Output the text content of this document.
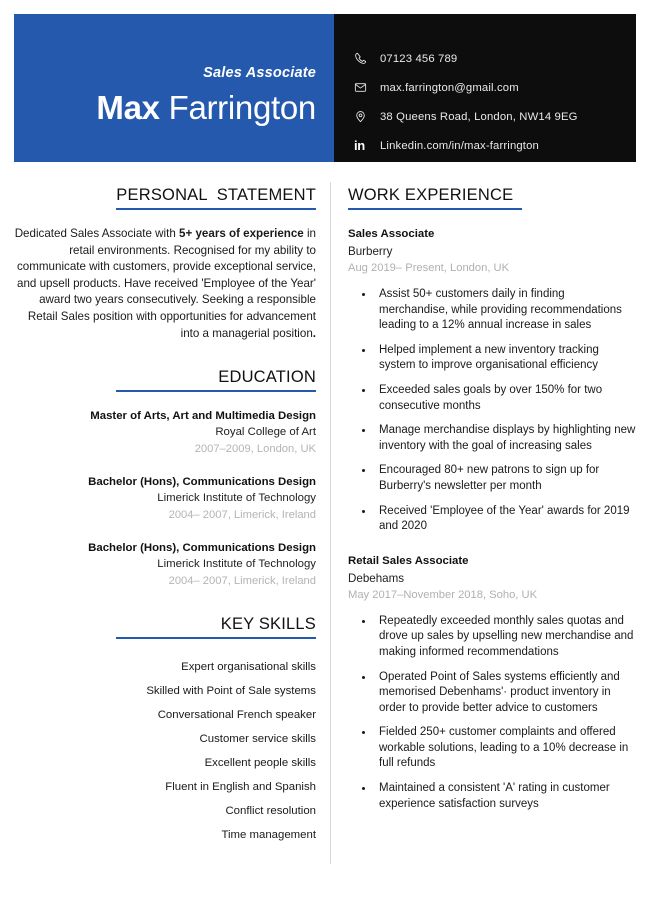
Sales Associate
Max Farrington
07123 456 789
max.farrington@gmail.com
38 Queens Road, London, NW14 9EG
in Linkedin.com/in/max-farrington
PERSONAL  STATEMENT

Dedicated Sales Associate with 5+ years of experience in retail environments. Recognised for my ability to communicate with customers, provide exceptional service, and upsell products. Have received 'Employee of the Year' award two years consecutively. Seeking a responsible Retail Sales position with opportunities for advancement into a managerial position.

EDUCATION
Master of Arts, Art and Multimedia Design
Royal College of Art
2007–2009, London, UK
Bachelor (Hons), Communications Design
Limerick Institute of Technology
2004– 2007, Limerick, Ireland
Bachelor (Hons), Communications Design
Limerick Institute of Technology
2004– 2007, Limerick, Ireland
KEY SKILLS
Expert organisational skills
Skilled with Point of Sale systems
Conversational French speaker
Customer service skills
Excellent people skills
Fluent in English and Spanish
Conflict resolution
Time management
WORK EXPERIENCE
Sales Associate
Burberry
Aug 2019– Present, London, UK
Assist 50+ customers daily in finding merchandise, while providing recommendations leading to a 12% annual increase in sales
Helped implement a new inventory tracking system to improve organisational efficiency
Exceeded sales goals by over 150% for two consecutive months
Manage merchandise displays by highlighting new inventory with the goal of increasing sales
Encouraged 80+ new patrons to sign up for Burberry's newsletter per month
Received 'Employee of the Year' awards for 2019 and 2020
Retail Sales Associate
Debehams
May 2017–November 2018, Soho, UK
Repeatedly exceeded monthly sales quotas and drove up sales by upselling new merchandise and making informed recommendations
Operated Point of Sales systems efficiently and memorised Debenhams'· product inventory in order to provide better advice to customers
Fielded 250+ customer complaints and offered workable solutions, leading to a 10% decrease in full refunds
Maintained a consistent 'A' rating in customer experience satisfaction surveys
